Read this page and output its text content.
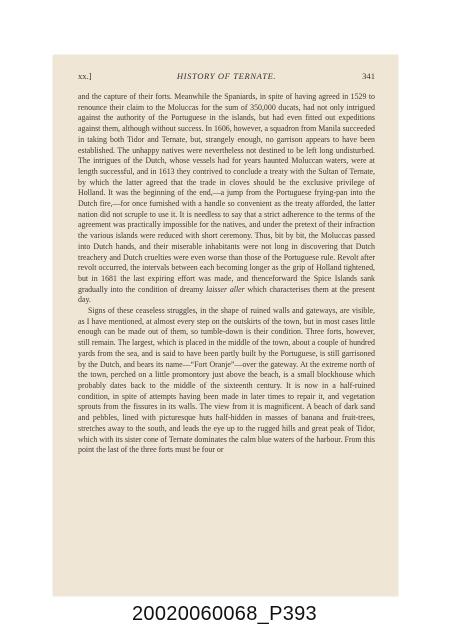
xx.]	HISTORY OF TERNATE.	341

and the capture of their forts. Meanwhile the Spaniards, in spite of having agreed in 1529 to renounce their claim to the Moluccas for the sum of 350,000 ducats, had not only intrigued against the authority of the Portuguese in the islands, but had even fitted out expeditions against them, although without success. In 1606, however, a squadron from Manila succeeded in taking both Tidor and Ternate, but, strangely enough, no garrison appears to have been established. The unhappy natives were nevertheless not destined to be left long undisturbed. The intrigues of the Dutch, whose vessels had for years haunted Moluccan waters, were at length successful, and in 1613 they contrived to conclude a treaty with the Sultan of Ternate, by which the latter agreed that the trade in cloves should be the exclusive privilege of Holland. It was the beginning of the end,—a jump from the Portuguese frying-pan into the Dutch fire,—for once furnished with a handle so convenient as the treaty afforded, the latter nation did not scruple to use it. It is needless to say that a strict adherence to the terms of the agreement was practically impossible for the natives, and under the pretext of their infraction the various islands were reduced with short ceremony. Thus, bit by bit, the Moluccas passed into Dutch hands, and their miserable inhabitants were not long in discovering that Dutch treachery and Dutch cruelties were even worse than those of the Portuguese rule. Revolt after revolt occurred, the intervals between each becoming longer as the grip of Holland tightened, but in 1681 the last expiring effort was made, and thenceforward the Spice Islands sank gradually into the condition of dreamy laisser aller which characterises them at the present day.

Signs of these ceaseless struggles, in the shape of ruined walls and gateways, are visible, as I have mentioned, at almost every step on the outskirts of the town, but in most cases little enough can be made out of them, so tumble-down is their condition. Three forts, however, still remain. The largest, which is placed in the middle of the town, about a couple of hundred yards from the sea, and is said to have been partly built by the Portuguese, is still garrisoned by the Dutch, and bears its name—“Fort Oranje”—over the gateway. At the extreme north of the town, perched on a little promontory just above the beach, is a small blockhouse which probably dates back to the middle of the sixteenth century. It is now in a half-ruined condition, in spite of attempts having been made in later times to repair it, and vegetation sprouts from the fissures in its walls. The view from it is magnificent. A beach of dark sand and pebbles, lined with picturesque huts half-hidden in masses of banana and fruit-trees, stretches away to the south, and leads the eye up to the rugged hills and great peak of Tidor, which with its sister cone of Ternate dominates the calm blue waters of the harbour. From this point the last of the three forts must be four or

20020060068_P393
